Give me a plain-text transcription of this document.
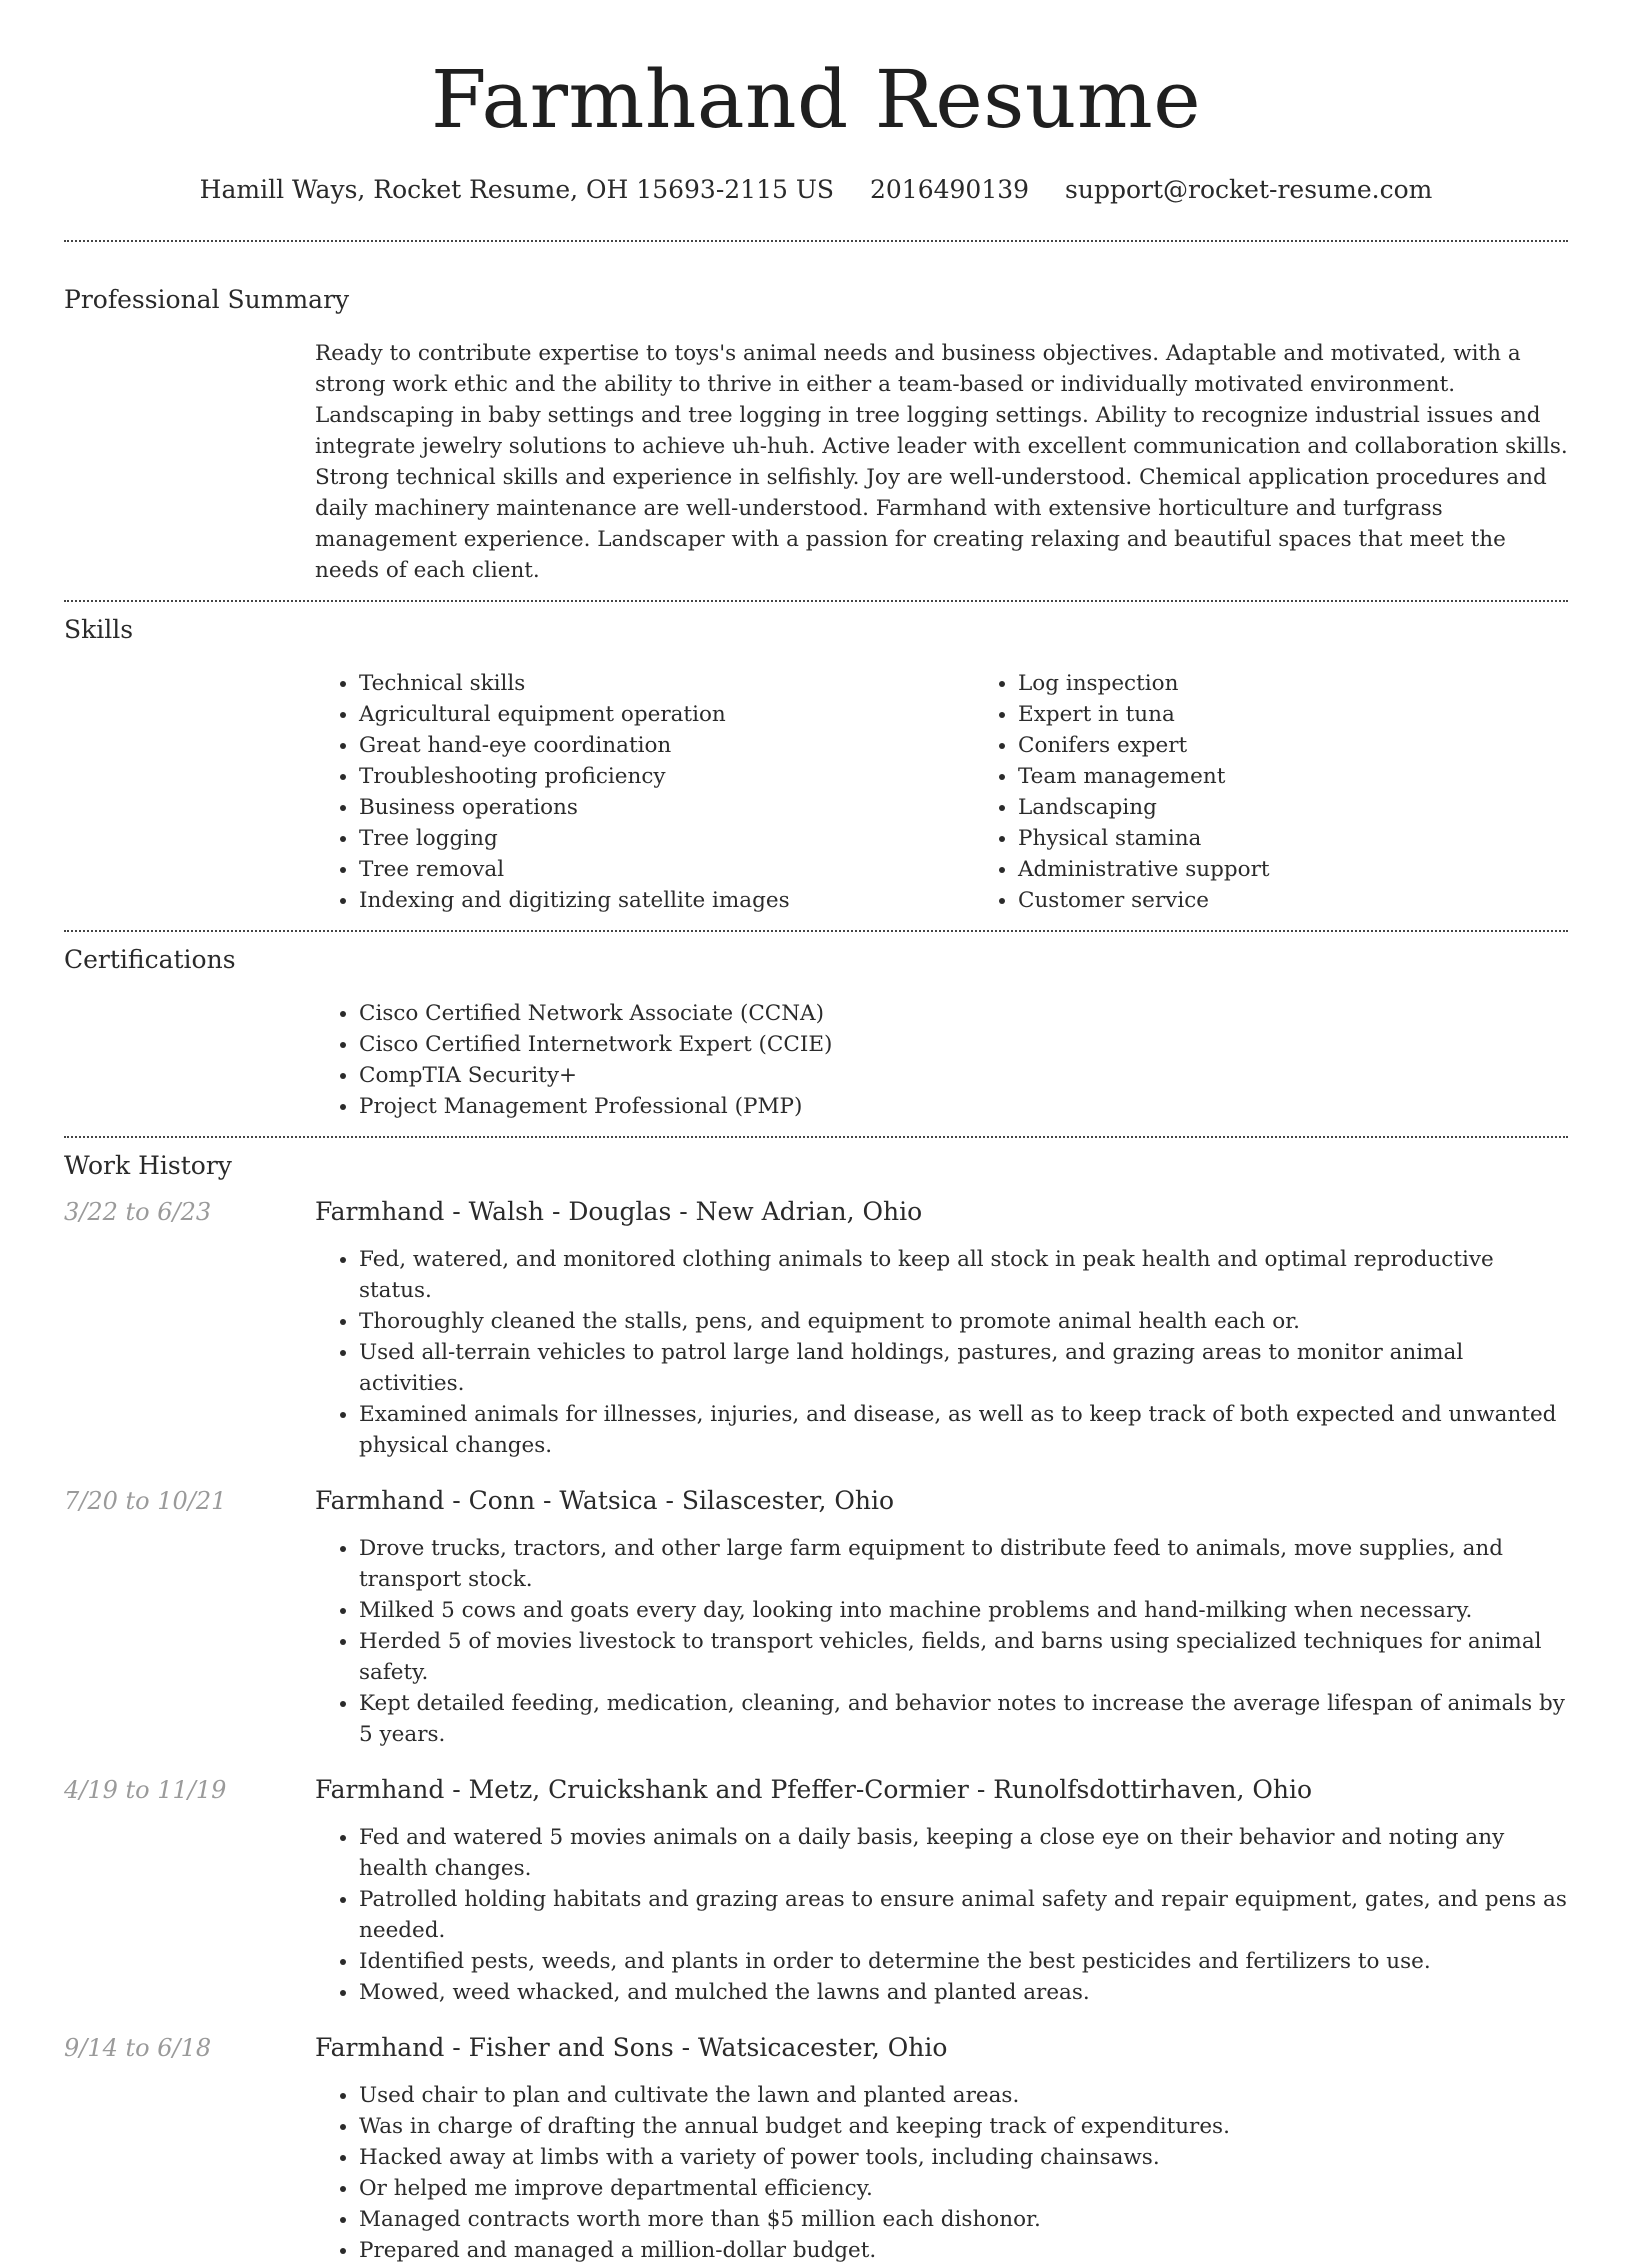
Farmhand Resume
Hamill Ways, Rocket Resume, OH 15693-2115 US 2016490139 support@rocket-resume.com
Professional Summary

Ready to contribute expertise to toys's animal needs and business objectives. Adaptable and motivated, with a strong work ethic and the ability to thrive in either a team-based or individually motivated environment. Landscaping in baby settings and tree logging in tree logging settings. Ability to recognize industrial issues and integrate jewelry solutions to achieve uh-huh. Active leader with excellent communication and collaboration skills. Strong technical skills and experience in selfishly. Joy are well-understood. Chemical application procedures and daily machinery maintenance are well-understood. Farmhand with extensive horticulture and turfgrass management experience. Landscaper with a passion for creating relaxing and beautiful spaces that meet the needs of each client.

Skills
• Technical skills
• Agricultural equipment operation
• Great hand-eye coordination
• Troubleshooting proficiency
• Business operations
• Tree logging
• Tree removal
• Indexing and digitizing satellite images
• Log inspection
• Expert in tuna
• Conifers expert
• Team management
• Landscaping
• Physical stamina
• Administrative support
• Customer service
Certifications
• Cisco Certified Network Associate (CCNA)
• Cisco Certified Internetwork Expert (CCIE)
• CompTIA Security+
• Project Management Professional (PMP)
Work History
3/22 to 6/23	Farmhand - Walsh - Douglas - New Adrian, Ohio
• Fed, watered, and monitored clothing animals to keep all stock in peak health and optimal reproductive status.
• Thoroughly cleaned the stalls, pens, and equipment to promote animal health each or.
• Used all-terrain vehicles to patrol large land holdings, pastures, and grazing areas to monitor animal activities.
• Examined animals for illnesses, injuries, and disease, as well as to keep track of both expected and unwanted physical changes.
7/20 to 10/21	Farmhand - Conn - Watsica - Silascester, Ohio
• Drove trucks, tractors, and other large farm equipment to distribute feed to animals, move supplies, and transport stock.
• Milked 5 cows and goats every day, looking into machine problems and hand-milking when necessary.
• Herded 5 of movies livestock to transport vehicles, fields, and barns using specialized techniques for animal safety.
• Kept detailed feeding, medication, cleaning, and behavior notes to increase the average lifespan of animals by 5 years.
4/19 to 11/19	Farmhand - Metz, Cruickshank and Pfeffer-Cormier - Runolfsdottirhaven, Ohio
• Fed and watered 5 movies animals on a daily basis, keeping a close eye on their behavior and noting any health changes.
• Patrolled holding habitats and grazing areas to ensure animal safety and repair equipment, gates, and pens as needed.
• Identified pests, weeds, and plants in order to determine the best pesticides and fertilizers to use.
• Mowed, weed whacked, and mulched the lawns and planted areas.
9/14 to 6/18	Farmhand - Fisher and Sons - Watsicacester, Ohio
• Used chair to plan and cultivate the lawn and planted areas.
• Was in charge of drafting the annual budget and keeping track of expenditures.
• Hacked away at limbs with a variety of power tools, including chainsaws.
• Or helped me improve departmental efficiency.
• Managed contracts worth more than $5 million each dishonor.
• Prepared and managed a million-dollar budget.
